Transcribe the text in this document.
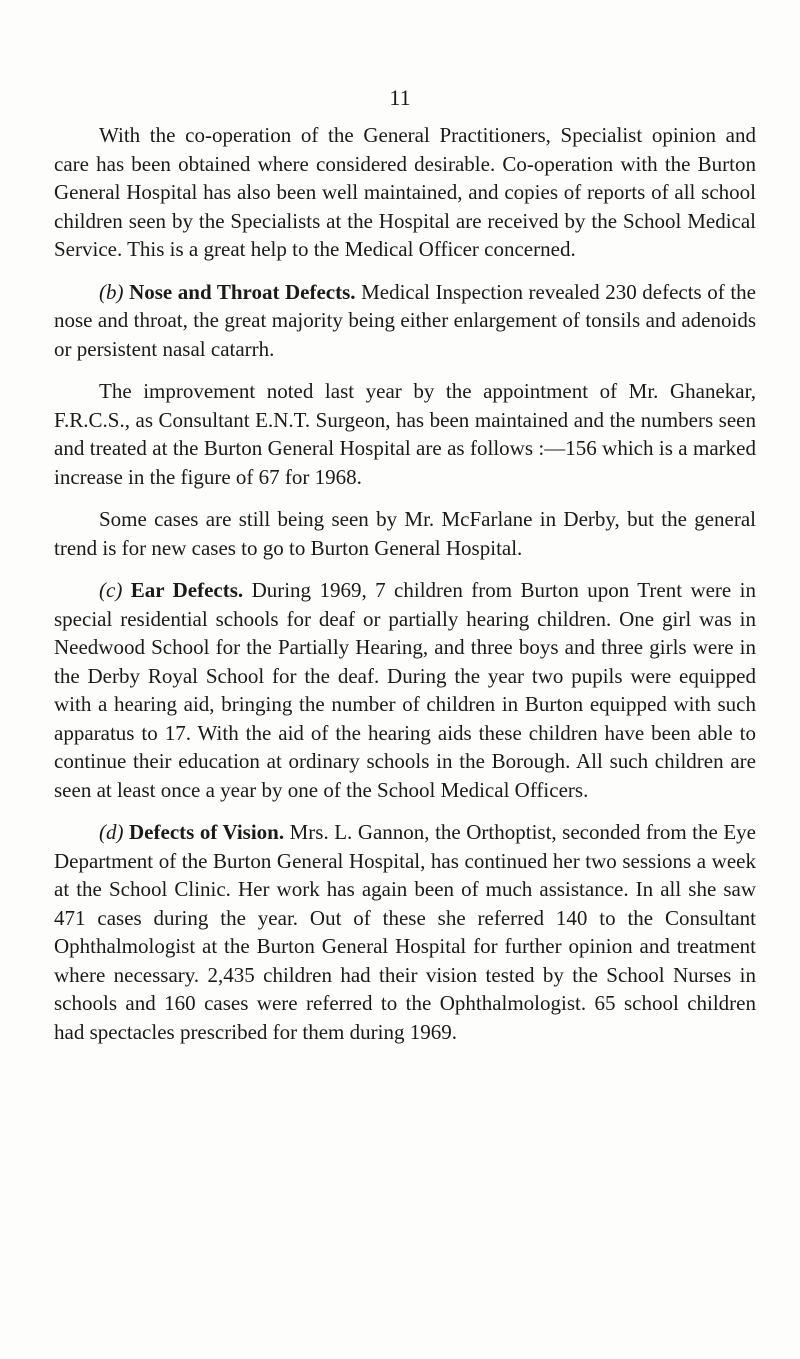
11

With the co-operation of the General Practitioners, Specialist opinion and care has been obtained where considered desirable. Co-operation with the Burton General Hospital has also been well maintained, and copies of reports of all school children seen by the Specialists at the Hospital are received by the School Medical Service. This is a great help to the Medical Officer concerned.

(b) Nose and Throat Defects. Medical Inspection revealed 230 defects of the nose and throat, the great majority being either enlargement of tonsils and adenoids or persistent nasal catarrh.

The improvement noted last year by the appointment of Mr. Ghanekar, F.R.C.S., as Consultant E.N.T. Surgeon, has been maintained and the numbers seen and treated at the Burton General Hospital are as follows :—156 which is a marked increase in the figure of 67 for 1968.

Some cases are still being seen by Mr. McFarlane in Derby, but the general trend is for new cases to go to Burton General Hospital.

(c) Ear Defects. During 1969, 7 children from Burton upon Trent were in special residential schools for deaf or partially hearing children. One girl was in Needwood School for the Partially Hearing, and three boys and three girls were in the Derby Royal School for the deaf. During the year two pupils were equipped with a hearing aid, bringing the number of children in Burton equipped with such apparatus to 17. With the aid of the hearing aids these children have been able to continue their education at ordinary schools in the Borough. All such children are seen at least once a year by one of the School Medical Officers.

(d) Defects of Vision. Mrs. L. Gannon, the Orthoptist, seconded from the Eye Department of the Burton General Hospital, has continued her two sessions a week at the School Clinic. Her work has again been of much assistance. In all she saw 471 cases during the year. Out of these she referred 140 to the Consultant Ophthalmologist at the Burton General Hospital for further opinion and treatment where necessary. 2,435 children had their vision tested by the School Nurses in schools and 160 cases were referred to the Ophthalmologist. 65 school children had spectacles prescribed for them during 1969.
